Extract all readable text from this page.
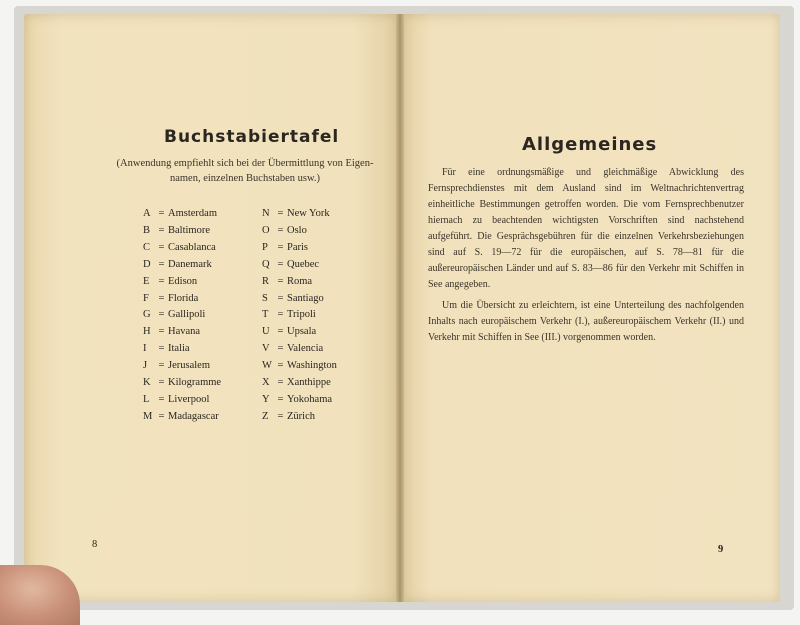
Buchstabiertafel
(Anwendung empfiehlt sich bei der Übermittlung von Eigen-
namen, einzelnen Buchstaben usw.)
A = Amsterdam
B = Baltimore
C = Casablanca
D = Danemark
E = Edison
F = Florida
G = Gallipoli
H = Havana
I = Italia
J = Jerusalem
K = Kilogramme
L = Liverpool
M = Madagascar
N = New York
O = Oslo
P = Paris
Q = Quebec
R = Roma
S = Santiago
T = Tripoli
U = Upsala
V = Valencia
W = Washington
X = Xanthippe
Y = Yokohama
Z = Zürich
8
Allgemeines

Für eine ordnungsmäßige und gleichmäßige Abwicklung des Fernsprechdienstes mit dem Ausland sind im Weltnachrichtenvertrag einheitliche Bestimmungen getroffen worden. Die vom Fernsprechbenutzer hiernach zu beachtenden wichtigsten Vorschriften sind nachstehend aufgeführt. Die Gesprächsgebühren für die einzelnen Verkehrsbeziehungen sind auf S. 19—72 für die europäischen, auf S. 78—81 für die außereuropäischen Länder und auf S. 83—86 für den Verkehr mit Schiffen in See angegeben.

Um die Übersicht zu erleichtern, ist eine Unterteilung des nachfolgenden Inhalts nach europäischem Verkehr (I.), außereuropäischem Verkehr (II.) und Verkehr mit Schiffen in See (III.) vorgenommen worden.

9
